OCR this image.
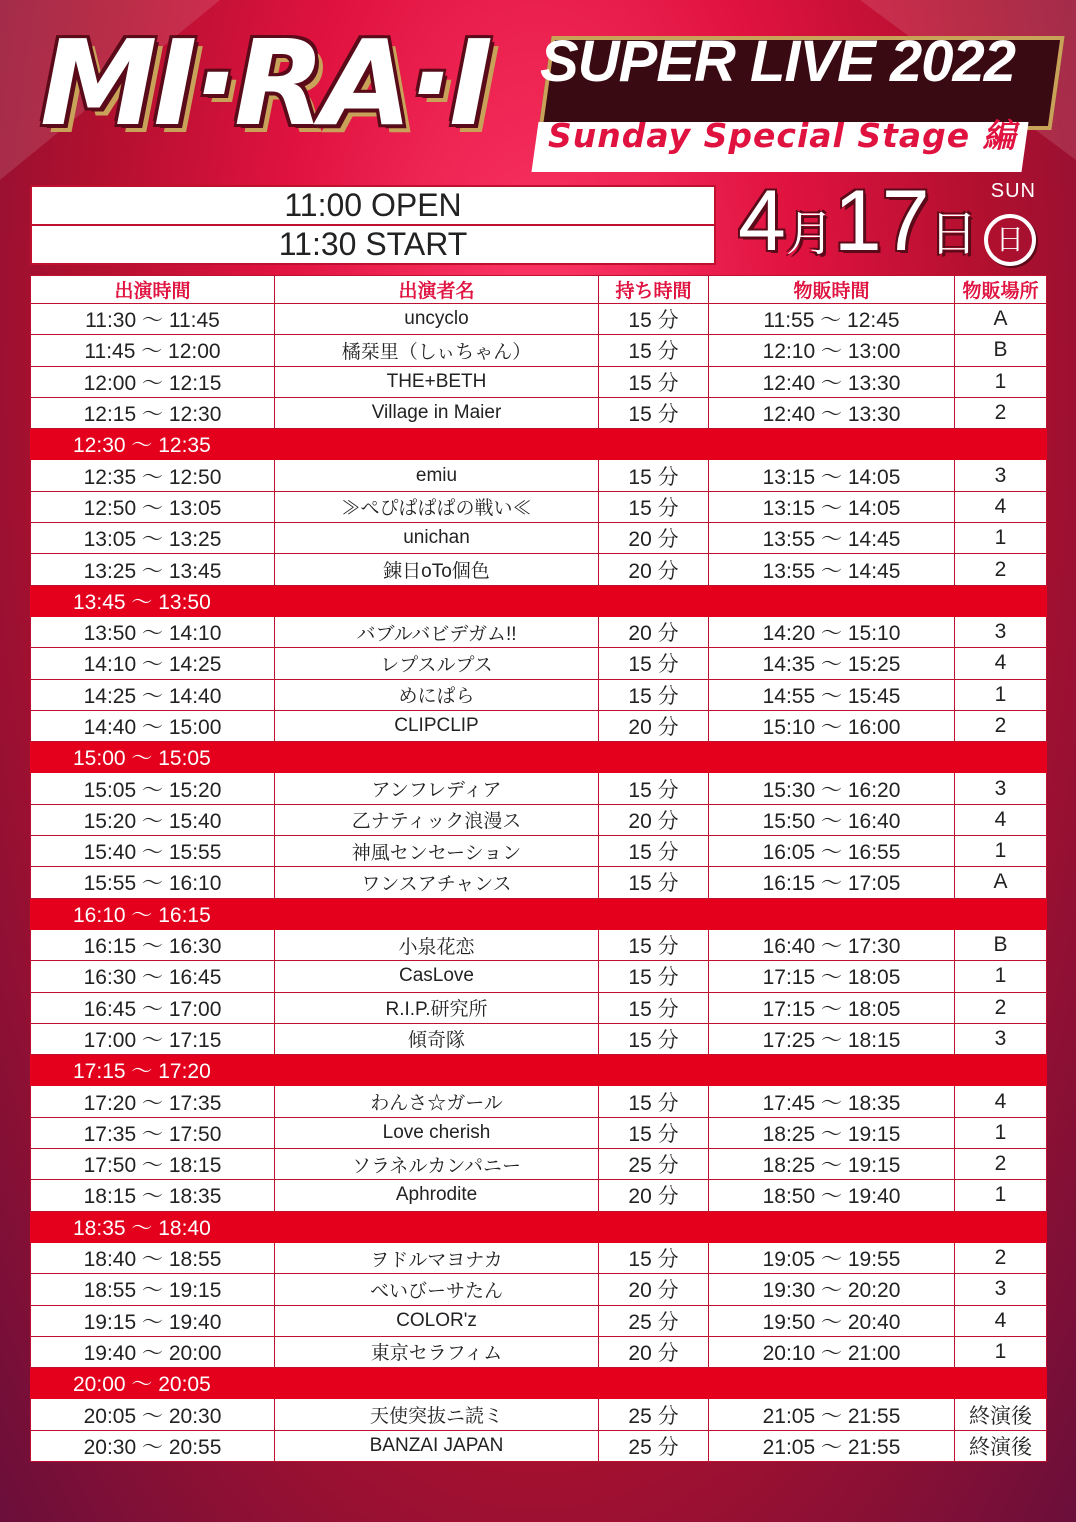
MI·RA·I SUPER LIVE 2022
Sunday Special Stage 編
11:00 OPEN
11:30 START	4月17日
SUN
日
出演時間	出演者名	持ち時間	物販時間	物販場所
11:30 ～ 11:45	uncyclo	15 分	11:55 ～ 12:45	A
11:45 ～ 12:00	橘栞里（しぃちゃん）	15 分	12:10 ～ 13:00	B
12:00 ～ 12:15	THE+BETH	15 分	12:40 ～ 13:30	1
12:15 ～ 12:30	Village in Maier	15 分	12:40 ～ 13:30	2
12:30 ～ 12:35				
12:35 ～ 12:50	emiu	15 分	13:15 ～ 14:05	3
12:50 ～ 13:05	≫ぺぴぱぱぱの戦い≪	15 分	13:15 ～ 14:05	4
13:05 ～ 13:25	unichan	20 分	13:55 ～ 14:45	1
13:25 ～ 13:45	錬日oTo個色	20 分	13:55 ～ 14:45	2
13:45 ～ 13:50				
13:50 ～ 14:10	バブルバビデガム!!	20 分	14:20 ～ 15:10	3
14:10 ～ 14:25	レプスルプス	15 分	14:35 ～ 15:25	4
14:25 ～ 14:40	めにぱら	15 分	14:55 ～ 15:45	1
14:40 ～ 15:00	CLIPCLIP	20 分	15:10 ～ 16:00	2
15:00 ～ 15:05				
15:05 ～ 15:20	アンフレディア	15 分	15:30 ～ 16:20	3
15:20 ～ 15:40	乙ナティック浪漫ス	20 分	15:50 ～ 16:40	4
15:40 ～ 15:55	神風センセーション	15 分	16:05 ～ 16:55	1
15:55 ～ 16:10	ワンスアチャンス	15 分	16:15 ～ 17:05	A
16:10 ～ 16:15				
16:15 ～ 16:30	小泉花恋	15 分	16:40 ～ 17:30	B
16:30 ～ 16:45	CasLove	15 分	17:15 ～ 18:05	1
16:45 ～ 17:00	R.I.P.研究所	15 分	17:15 ～ 18:05	2
17:00 ～ 17:15	傾奇隊	15 分	17:25 ～ 18:15	3
17:15 ～ 17:20				
17:20 ～ 17:35	わんさ☆ガール	15 分	17:45 ～ 18:35	4
17:35 ～ 17:50	Love cherish	15 分	18:25 ～ 19:15	1
17:50 ～ 18:15	ソラネルカンパニー	25 分	18:25 ～ 19:15	2
18:15 ～ 18:35	Aphrodite	20 分	18:50 ～ 19:40	1
18:35 ～ 18:40				
18:40 ～ 18:55	ヲドルマヨナカ	15 分	19:05 ～ 19:55	2
18:55 ～ 19:15	べいびーサたん	20 分	19:30 ～ 20:20	3
19:15 ～ 19:40	COLOR'z	25 分	19:50 ～ 20:40	4
19:40 ～ 20:00	東京セラフィム	20 分	20:10 ～ 21:00	1
20:00 ～ 20:05				
20:05 ～ 20:30	天使突抜ニ読ミ	25 分	21:05 ～ 21:55	終演後
20:30 ～ 20:55	BANZAI JAPAN	25 分	21:05 ～ 21:55	終演後
